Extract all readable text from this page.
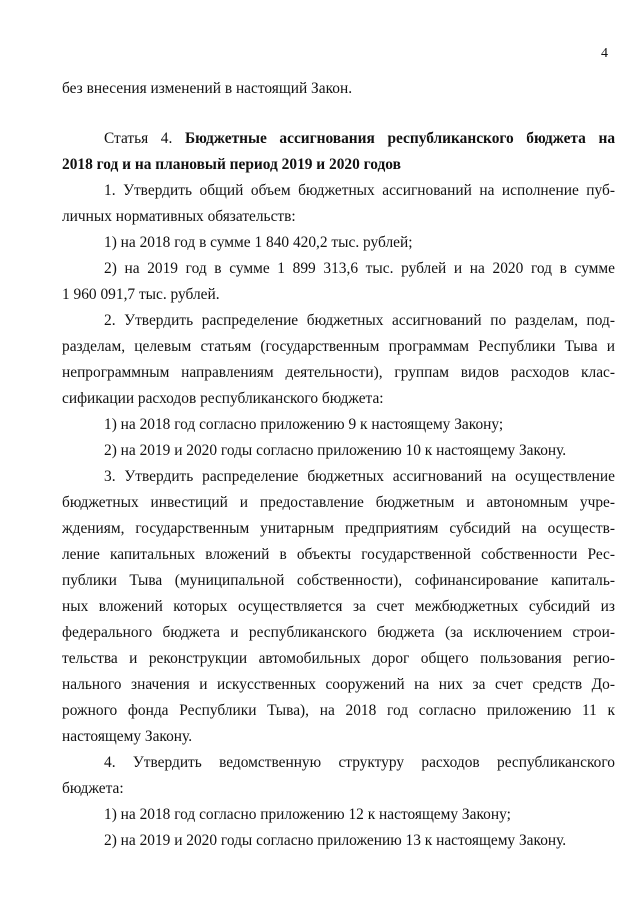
4
без внесения изменений в настоящий Закон.
Статья 4. Бюджетные ассигнования республиканского бюджета на
2018 год и на плановый период 2019 и 2020 годов
1. Утвердить общий объем бюджетных ассигнований на исполнение пуб-
личных нормативных обязательств:
1) на 2018 год в сумме 1 840 420,2 тыс. рублей;
2) на 2019 год в сумме 1 899 313,6 тыс. рублей и на 2020 год в сумме
1 960 091,7 тыс. рублей.
2. Утвердить распределение бюджетных ассигнований по разделам, под-
разделам, целевым статьям (государственным программам Республики Тыва и
непрограммным направлениям деятельности), группам видов расходов клас-
сификации расходов республиканского бюджета:
1) на 2018 год согласно приложению 9 к настоящему Закону;
2) на 2019 и 2020 годы согласно приложению 10 к настоящему Закону.
3. Утвердить распределение бюджетных ассигнований на осуществление
бюджетных инвестиций и предоставление бюджетным и автономным учре-
ждениям, государственным унитарным предприятиям субсидий на осуществ-
ление капитальных вложений в объекты государственной собственности Рес-
публики Тыва (муниципальной собственности), софинансирование капиталь-
ных вложений которых осуществляется за счет межбюджетных субсидий из
федерального бюджета и республиканского бюджета (за исключением строи-
тельства и реконструкции автомобильных дорог общего пользования регио-
нального значения и искусственных сооружений на них за счет средств До-
рожного фонда Республики Тыва), на 2018 год согласно приложению 11 к
настоящему Закону.
4. Утвердить ведомственную структуру расходов республиканского
бюджета:
1) на 2018 год согласно приложению 12 к настоящему Закону;
2) на 2019 и 2020 годы согласно приложению 13 к настоящему Закону.
